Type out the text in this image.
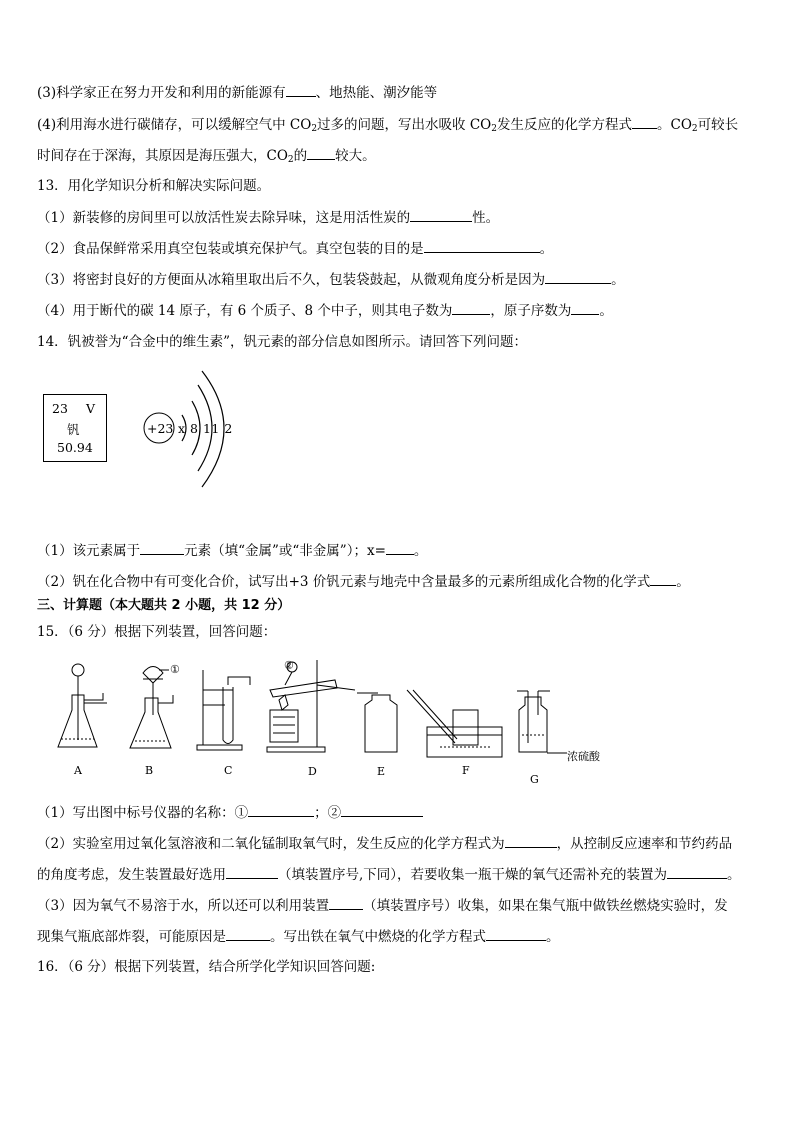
(3)科学家正在努力开发和利用的新能源有 、地热能、潮汐能等
(4)利用海水进行碳储存，可以缓解空气中 $CO_2$过多的问题，写出水吸收 $CO_2$发生反应的化学方程式 。$CO_2$可较长
时间存在于深海，其原因是海压强大，$CO_2$的 较大。
13．用化学知识分析和解决实际问题。
（1）新装修的房间里可以放活性炭去除异味，这是用活性炭的	性。
（2）食品保鲜常采用真空包装或填充保护气。真空包装的目的是	。
（3）将密封良好的方便面从冰箱里取出后不久，包装袋鼓起，从微观角度分析是因为	。
（4）用于断代的碳 14 原子，有 6 个质子、8 个中子，则其电子数为	，原子序数为 。
14．钒被誉为“合金中的维生素”，钒元素的部分信息如图所示。请回答下列问题：
23 V
钒
50.94
+23 x 8 11 2
（1）该元素属于	元素（填“金属”或“非金属”）；x= 。
（2）钒在化合物中有可变化合价，试写出+3 价钒元素与地壳中含量最多的元素所组成化合物的化学式 。
三、计算题（本大题共 2 小题，共 12 分）
15．（6 分）根据下列装置，回答问题：
A	B	C	D	E	F
G
①	②
浓硫酸
（1）写出图中标号仪器的名称：①	；②
（2）实验室用过氧化氢溶液和二氧化锰制取氧气时，发生反应的化学方程式为	，从控制反应速率和节约药品
的角度考虑，发生装置最好选用	（填装置序号,下同），若要收集一瓶干燥的氧气还需补充的装置为	。
（3）因为氧气不易溶于水，所以还可以利用装置	（填装置序号）收集，如果在集气瓶中做铁丝燃烧实验时，发
现集气瓶底部炸裂，可能原因是	。写出铁在氧气中燃烧的化学方程式	。
16．（6 分）根据下列装置，结合所学化学知识回答问题:
